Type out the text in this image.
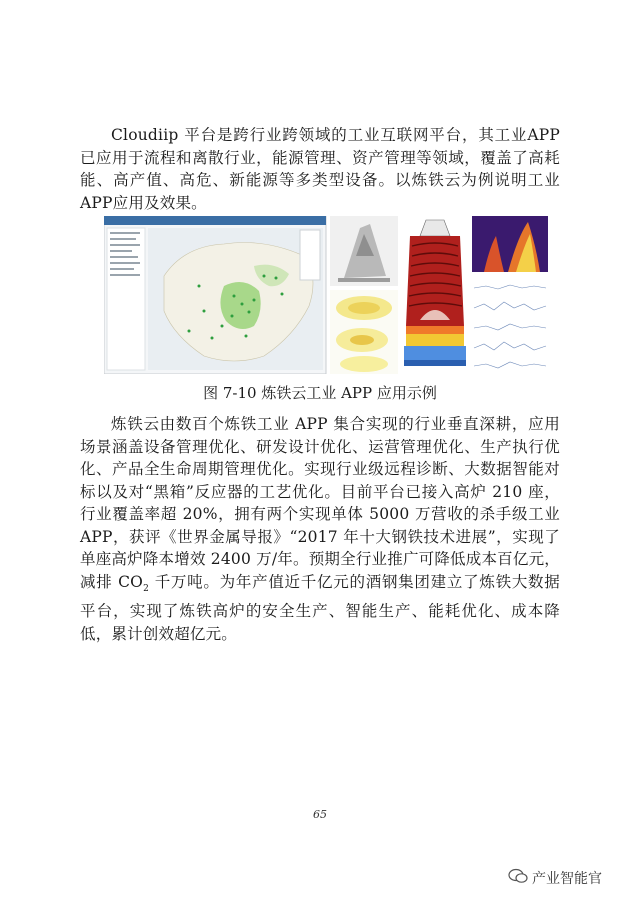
Cloudiip 平台是跨行业跨领域的工业互联网平台，其工业APP 已应用于流程和离散行业，能源管理、资产管理等领域，覆盖了高耗能、高产值、高危、新能源等多类型设备。以炼铁云为例说明工业APP应用及效果。
图 7-10 炼铁云工业 APP 应用示例
炼铁云由数百个炼铁工业 APP 集合实现的行业垂直深耕，应用场景涵盖设备管理优化、研发设计优化、运营管理优化、生产执行优化、产品全生命周期管理优化。实现行业级远程诊断、大数据智能对标以及对“黑箱”反应器的工艺优化。目前平台已接入高炉 210 座，行业覆盖率超 20%，拥有两个实现单体 5000 万营收的杀手级工业 APP，获评《世界金属导报》“2017 年十大钢铁技术进展”，实现了单座高炉降本增效 2400 万/年。预期全行业推广可降低成本百亿元，减排 $CO_2$ 千万吨。为年产值近千亿元的酒钢集团建立了炼铁大数据平台，实现了炼铁高炉的安全生产、智能生产、能耗优化、成本降低，累计创效超亿元。
65
产业智能官
